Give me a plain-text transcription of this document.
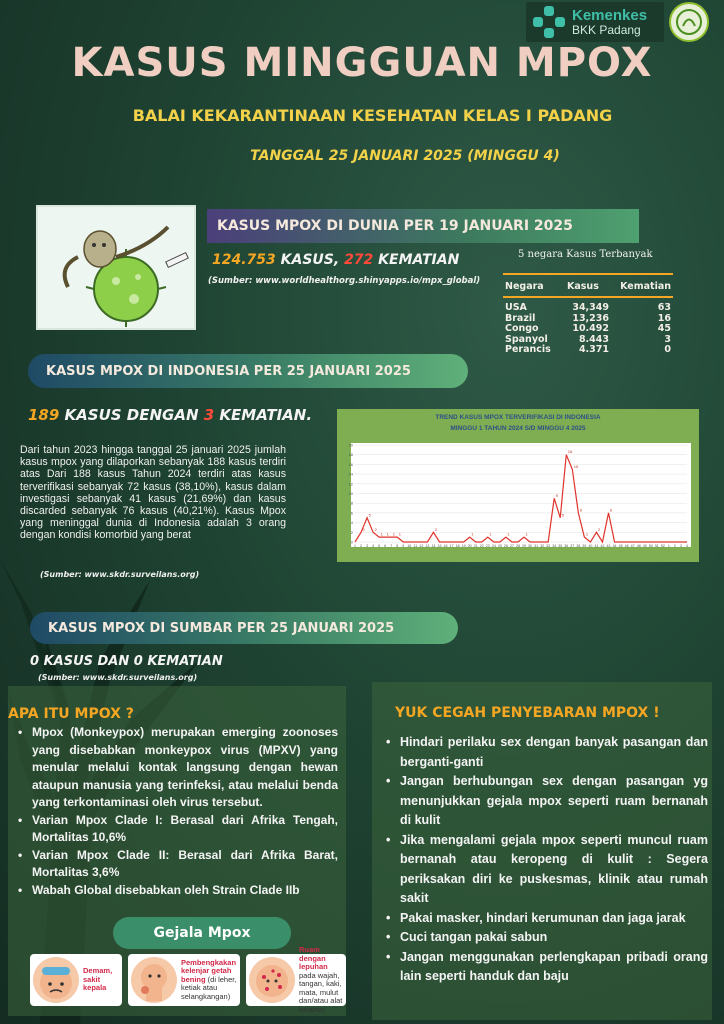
Kemenkes
BKK Padang
KASUS MINGGUAN MPOX
BALAI KEKARANTINAAN KESEHATAN KELAS I PADANG
TANGGAL 25 JANUARI 2025 (MINGGU 4)
KASUS MPOX DI DUNIA PER 19 JANUARI 2025
124.753 KASUS, 272 KEMATIAN
(Sumber: www.worldhealthorg.shinyapps.io/mpx_global)
5 negara Kasus Terbanyak
Negara	Kasus	Kematian
USA	34,349	63
Brazil	13,236	16
Congo	10.492	45
Spanyol	8.443	3
Perancis	4.371	0
KASUS MPOX DI INDONESIA PER 25 JANUARI 2025
189 KASUS DENGAN 3 KEMATIAN.
Dari tahun 2023 hingga tanggal 25 januari 2025 jumlah kasus mpox yang dilaporkan sebanyak 188 kasus terdiri atas Dari 188 kasus Tahun 2024 terdiri atas kasus terverifikasi sebanyak 72 kasus (38,10%), kasus dalam investigasi sebanyak 41 kasus (21,69%) dan kasus discarded sebanyak 76 kasus (40,21%). Kasus Mpox yang meninggal dunia di Indonesia adalah 3 orang dengan kondisi komorbid yang berat
(Sumber: www.skdr.surveilans.org)
TREND KASUS MPOX TERVERIFIKASI DI INDONESIA
MINGGU 1 TAHUN 2024 S/D MINGGU 4 2025
0
2
4
6
8
10
12
14
16
18
20
1 2 3 4 5 6 7 8 9 10 11 12 13 14 15 16 17 18 19 20 21 22 23 24 25 26 27 28 29 30 31 32 33 34 35 36 37 38 39 40 41 42 43 44 45 46 47 48 49 50 51 52 1 2 3 4
2
5
2
1 1 1 1
2
1	1	1	1
9
5
18
15
6
1
2
6
KASUS MPOX DI SUMBAR PER 25 JANUARI 2025
0 KASUS DAN 0 KEMATIAN
(Sumber: www.skdr.surveilans.org)
APA ITU MPOX ?
• Mpox (Monkeypox) merupakan emerging zoonoses yang disebabkan monkeypox virus (MPXV) yang menular melalui kontak langsung dengan hewan ataupun manusia yang terinfeksi, atau melalui benda yang terkontaminasi oleh virus tersebut.
• Varian Mpox Clade I: Berasal dari Afrika Tengah, Mortalitas 10,6%
• Varian Mpox Clade II: Berasal dari Afrika Barat, Mortalitas 3,6%
• Wabah Global disebabkan oleh Strain Clade IIb
YUK CEGAH PENYEBARAN MPOX !
• Hindari perilaku sex dengan banyak pasangan dan berganti-ganti
• Jangan berhubungan sex dengan pasangan yg menunjukkan gejala mpox seperti ruam bernanah di kulit
• Jika mengalami gejala mpox seperti muncul ruam bernanah atau keropeng di kulit : Segera periksakan diri ke puskesmas, klinik atau rumah sakit
• Pakai masker, hindari kerumunan dan jaga jarak
• Cuci tangan pakai sabun
• Jangan menggunakan perlengkapan pribadi orang lain seperti handuk dan baju
Gejala Mpox
Demam, sakit kepala
Pembengkakan kelenjar getah bening (di leher, ketiak atau selangkangan)
Ruam dengan lepuhan pada wajah, tangan, kaki, mata, mulut dan/atau alat kelamin
